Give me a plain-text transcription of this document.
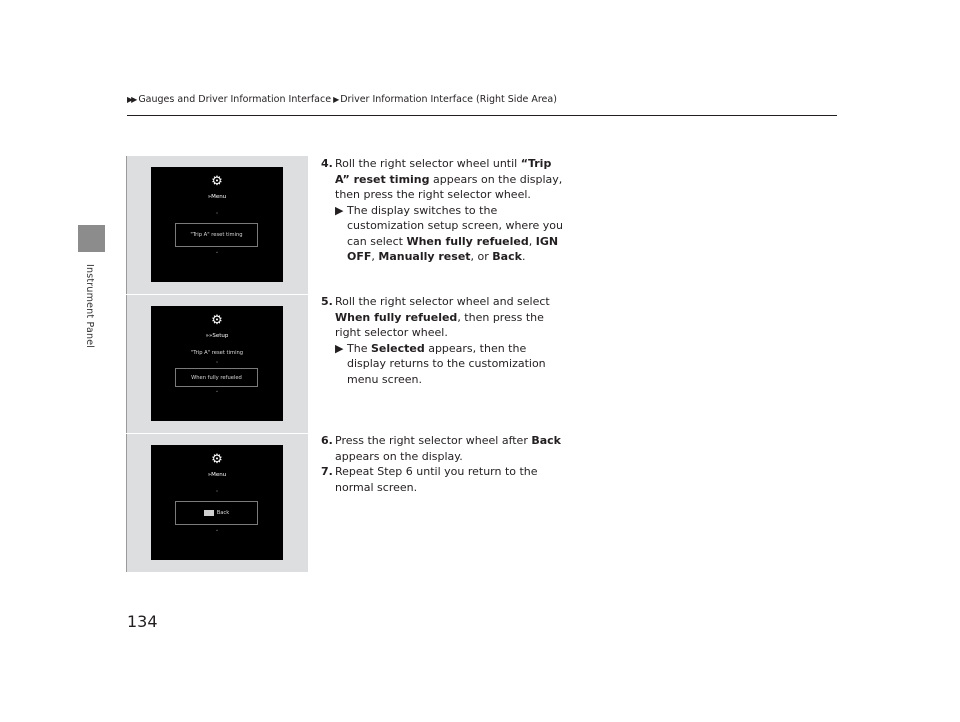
▶▶ Gauges and Driver Information Interface ▶ Driver Information Interface (Right Side Area)
Instrument Panel
⚙
»Menu
⌃
"Trip A" reset timing
⌄
⚙
»»Setup
"Trip A" reset timing
⌃
When fully refueled
⌄
⚙
»Menu
⌃
Back
⌄
4. Roll the right selector wheel until “Trip A” reset timing appears on the display, then press the right selector wheel.
▶ The display switches to the customization setup screen, where you can select When fully refueled, IGN OFF, Manually reset, or Back.
5. Roll the right selector wheel and select When fully refueled, then press the right selector wheel.
▶ The Selected appears, then the display returns to the customization menu screen.
6. Press the right selector wheel after Back appears on the display.
7. Repeat Step 6 until you return to the normal screen.
134
